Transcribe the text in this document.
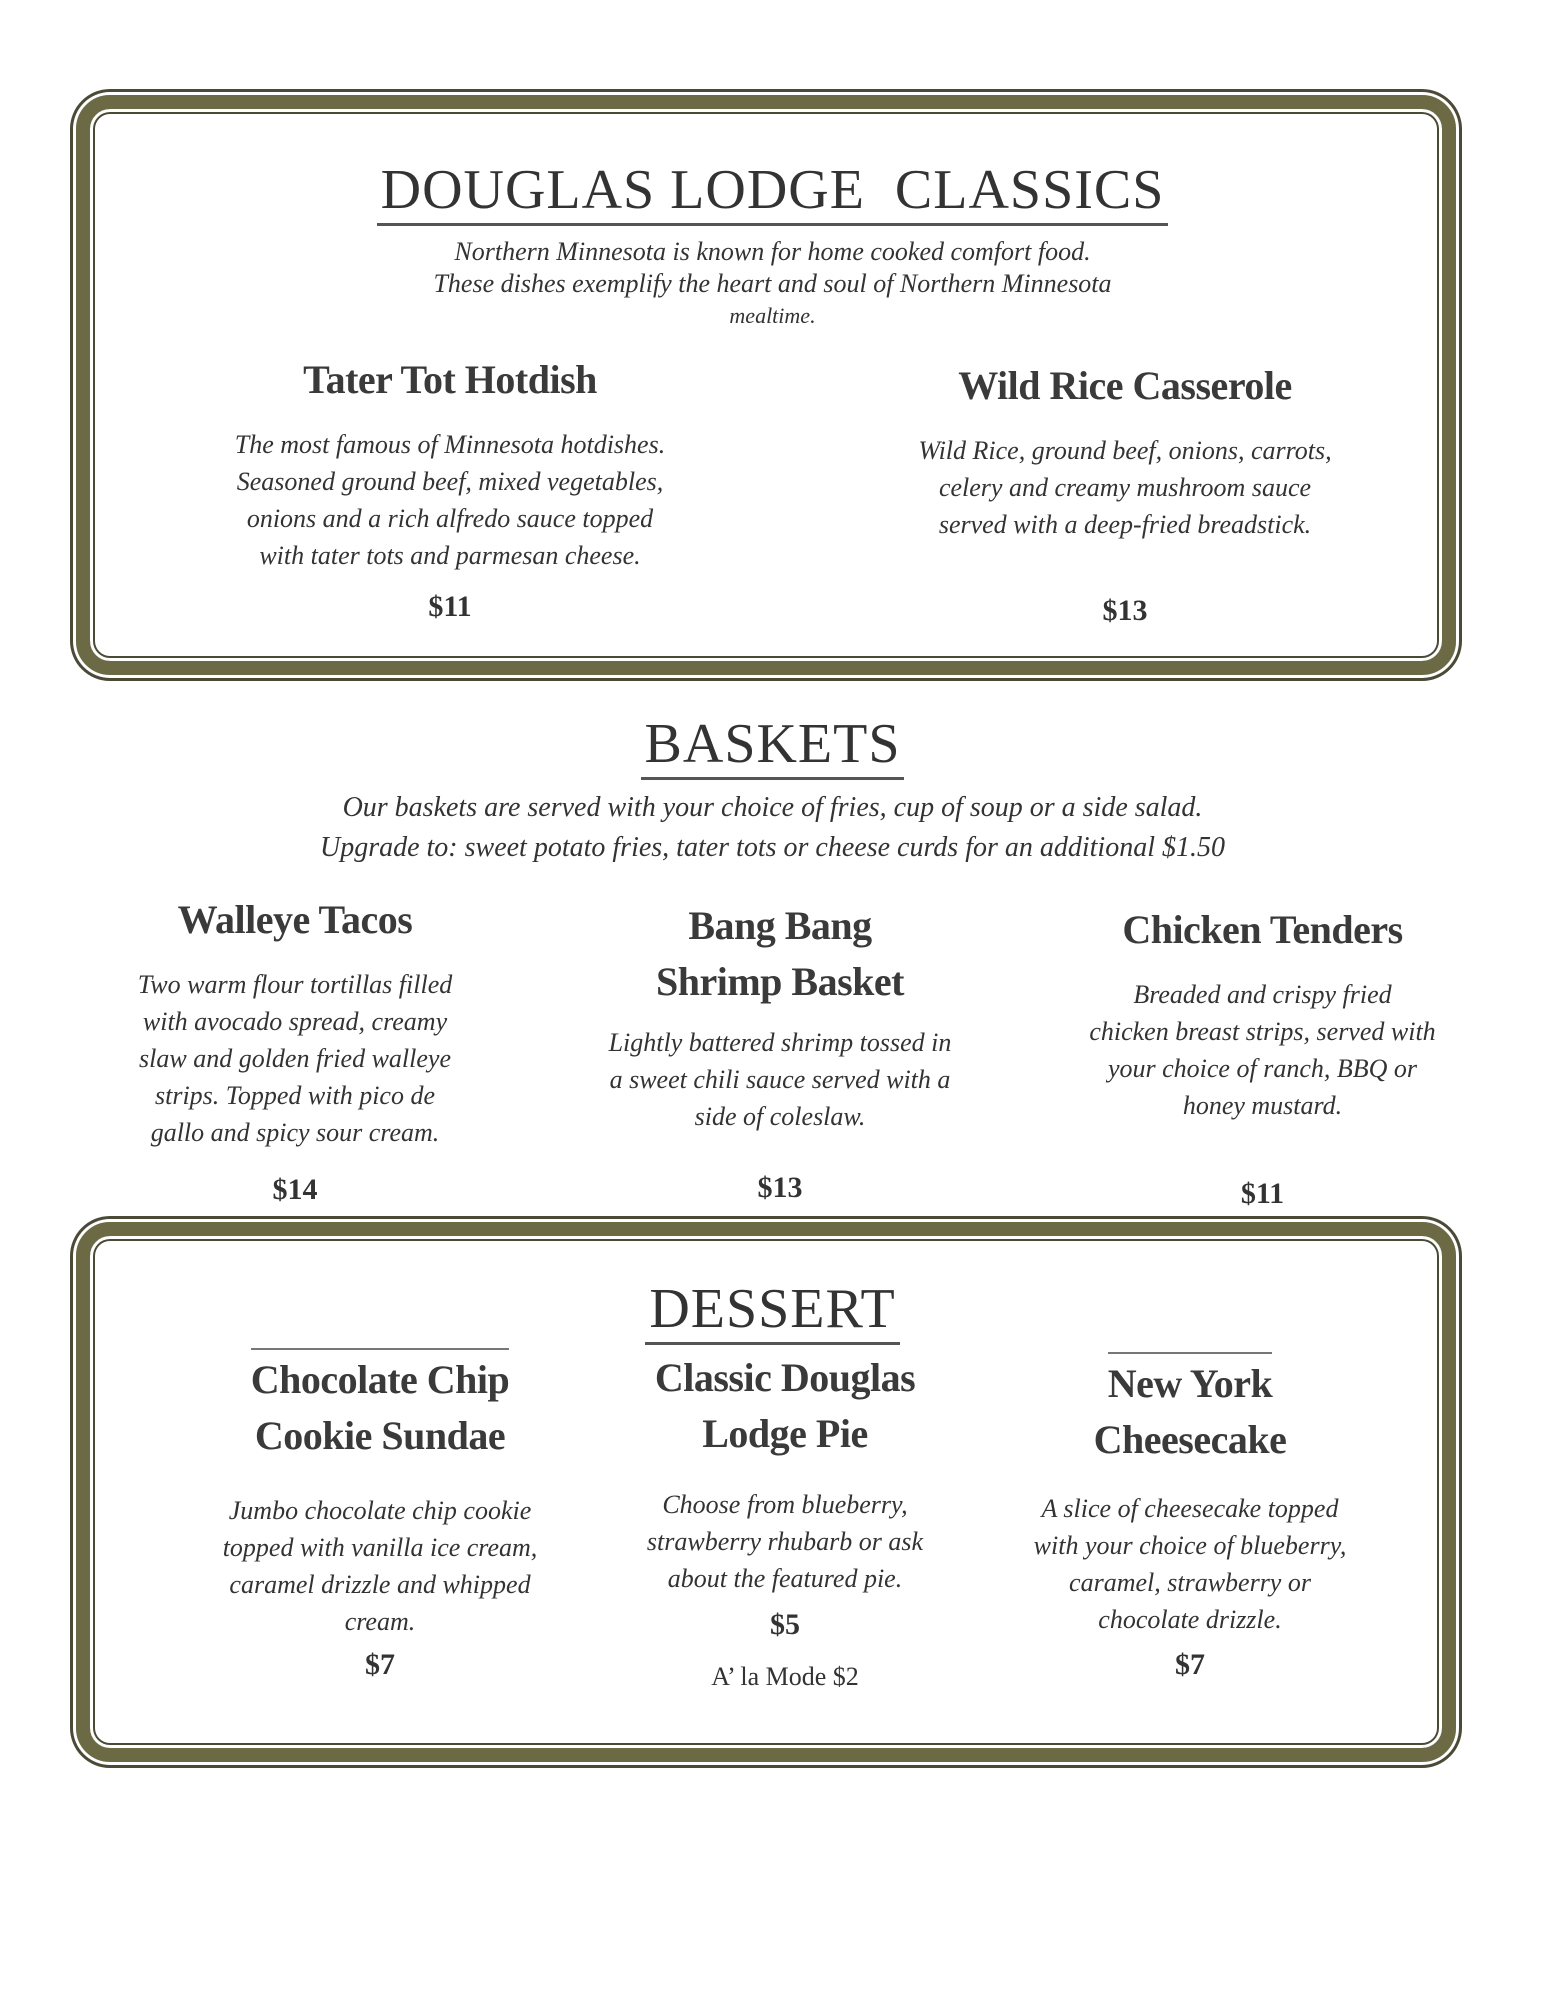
DOUGLAS LODGE  CLASSICS
Northern Minnesota is known for home cooked comfort food.
These dishes exemplify the heart and soul of Northern Minnesota
mealtime.
Tater Tot Hotdish
The most famous of Minnesota hotdishes.
Seasoned ground beef, mixed vegetables,
onions and a rich alfredo sauce topped
with tater tots and parmesan cheese.
$11
Wild Rice Casserole
Wild Rice, ground beef, onions, carrots,
celery and creamy mushroom sauce
served with a deep-fried breadstick.
$13
BASKETS
Our baskets are served with your choice of fries, cup of soup or a side salad.
Upgrade to: sweet potato fries, tater tots or cheese curds for an additional $1.50
Walleye Tacos
Two warm flour tortillas filled
with avocado spread, creamy
slaw and golden fried walleye
strips. Topped with pico de
gallo and spicy sour cream.
$14
Bang Bang
Shrimp Basket
Lightly battered shrimp tossed in
a sweet chili sauce served with a
side of coleslaw.
$13
Chicken Tenders
Breaded and crispy fried
chicken breast strips, served with
your choice of ranch, BBQ or
honey mustard.
$11
DESSERT
Chocolate Chip
Cookie Sundae
Jumbo chocolate chip cookie
topped with vanilla ice cream,
caramel drizzle and whipped
cream.
$7
Classic Douglas
Lodge Pie
Choose from blueberry,
strawberry rhubarb or ask
about the featured pie.
$5
A’ la Mode $2
New York
Cheesecake
A slice of cheesecake topped
with your choice of blueberry,
caramel, strawberry or
chocolate drizzle.
$7
